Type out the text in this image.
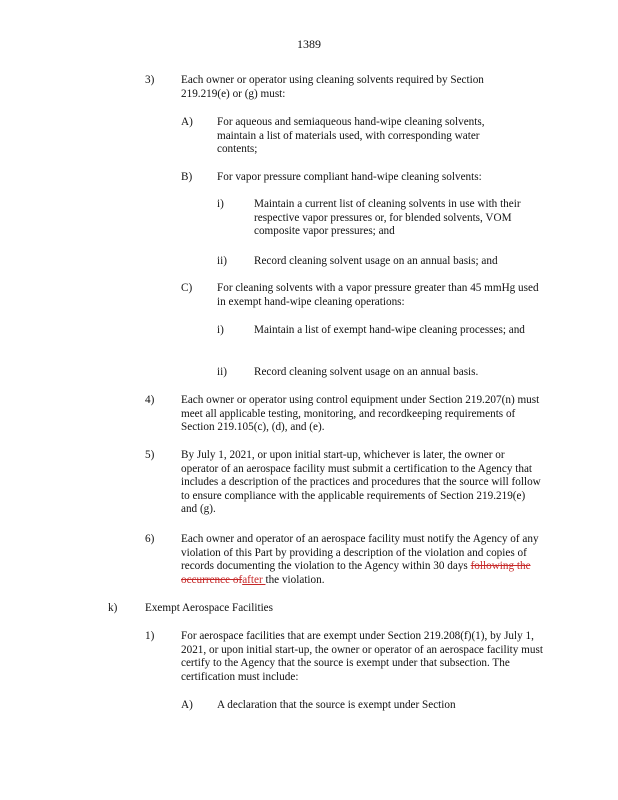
1389
3) Each owner or operator using cleaning solvents required by Section 219.219(e) or (g) must:
A) For aqueous and semiaqueous hand-wipe cleaning solvents, maintain a list of materials used, with corresponding water contents;
B) For vapor pressure compliant hand-wipe cleaning solvents:
i)	Maintain a current list of cleaning solvents in use with their respective vapor pressures or, for blended solvents, VOM composite vapor pressures; and
ii) Record cleaning solvent usage on an annual basis; and
C) For cleaning solvents with a vapor pressure greater than 45 mmHg used in exempt hand-wipe cleaning operations:
i)	Maintain a list of exempt hand-wipe cleaning processes; and
ii) Record cleaning solvent usage on an annual basis.
4) Each owner or operator using control equipment under Section 219.207(n) must meet all applicable testing, monitoring, and recordkeeping requirements of Section 219.105(c), (d), and (e).
5) By July 1, 2021, or upon initial start-up, whichever is later, the owner or operator of an aerospace facility must submit a certification to the Agency that includes a description of the practices and procedures that the source will follow to ensure compliance with the applicable requirements of Section 219.219(e) and (g).
6) Each owner and operator of an aerospace facility must notify the Agency of any violation of this Part by providing a description of the violation and copies of records documenting the violation to the Agency within 30 days following the occurrence ofafter the violation.
k) Exempt Aerospace Facilities
1) For aerospace facilities that are exempt under Section 219.208(f)(1), by July 1, 2021, or upon initial start-up, the owner or operator of an aerospace facility must certify to the Agency that the source is exempt under that subsection. The certification must include:
A) A declaration that the source is exempt under Section
